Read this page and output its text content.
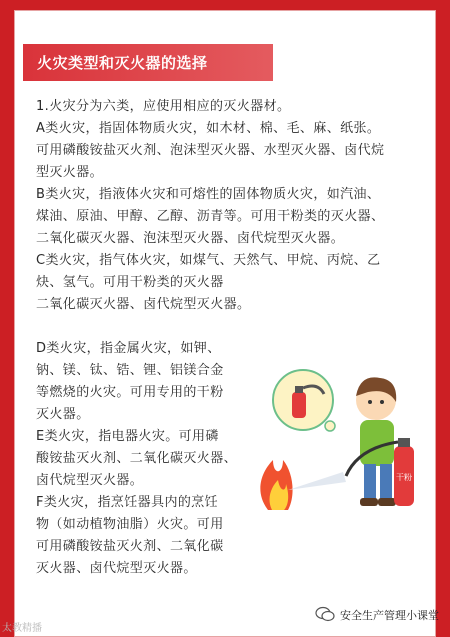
火灾类型和灭火器的选择
1.火灾分为六类，应使用相应的灭火器材。
A类火灾，指固体物质火灾，如木材、棉、毛、麻、纸张。
可用磷酸铵盐灭火剂、泡沫型灭火器、水型灭火器、卤代烷
型灭火器。
B类火灾，指液体火灾和可熔性的固体物质火灾，如汽油、
煤油、原油、甲醇、乙醇、沥青等。可用干粉类的灭火器、
二氧化碳灭火器、泡沫型灭火器、卤代烷型灭火器。
C类火灾，指气体火灾，如煤气、天然气、甲烷、丙烷、乙
炔、氢气。可用干粉类的灭火器
二氧化碳灭火器、卤代烷型灭火器。
D类火灾，指金属火灾，如钾、
钠、镁、钛、锆、锂、铝镁合金
等燃烧的火灾。可用专用的干粉
灭火器。
E类火灾，指电器火灾。可用磷
酸铵盐灭火剂、二氧化碳灭火器、
卤代烷型灭火器。
F类火灾，指烹饪器具内的烹饪
物（如动植物油脂）火灾。可用
可用磷酸铵盐灭火剂、二氧化碳
灭火器、卤代烷型灭火器。
干粉
太教精播
安全生产管理小课堂
